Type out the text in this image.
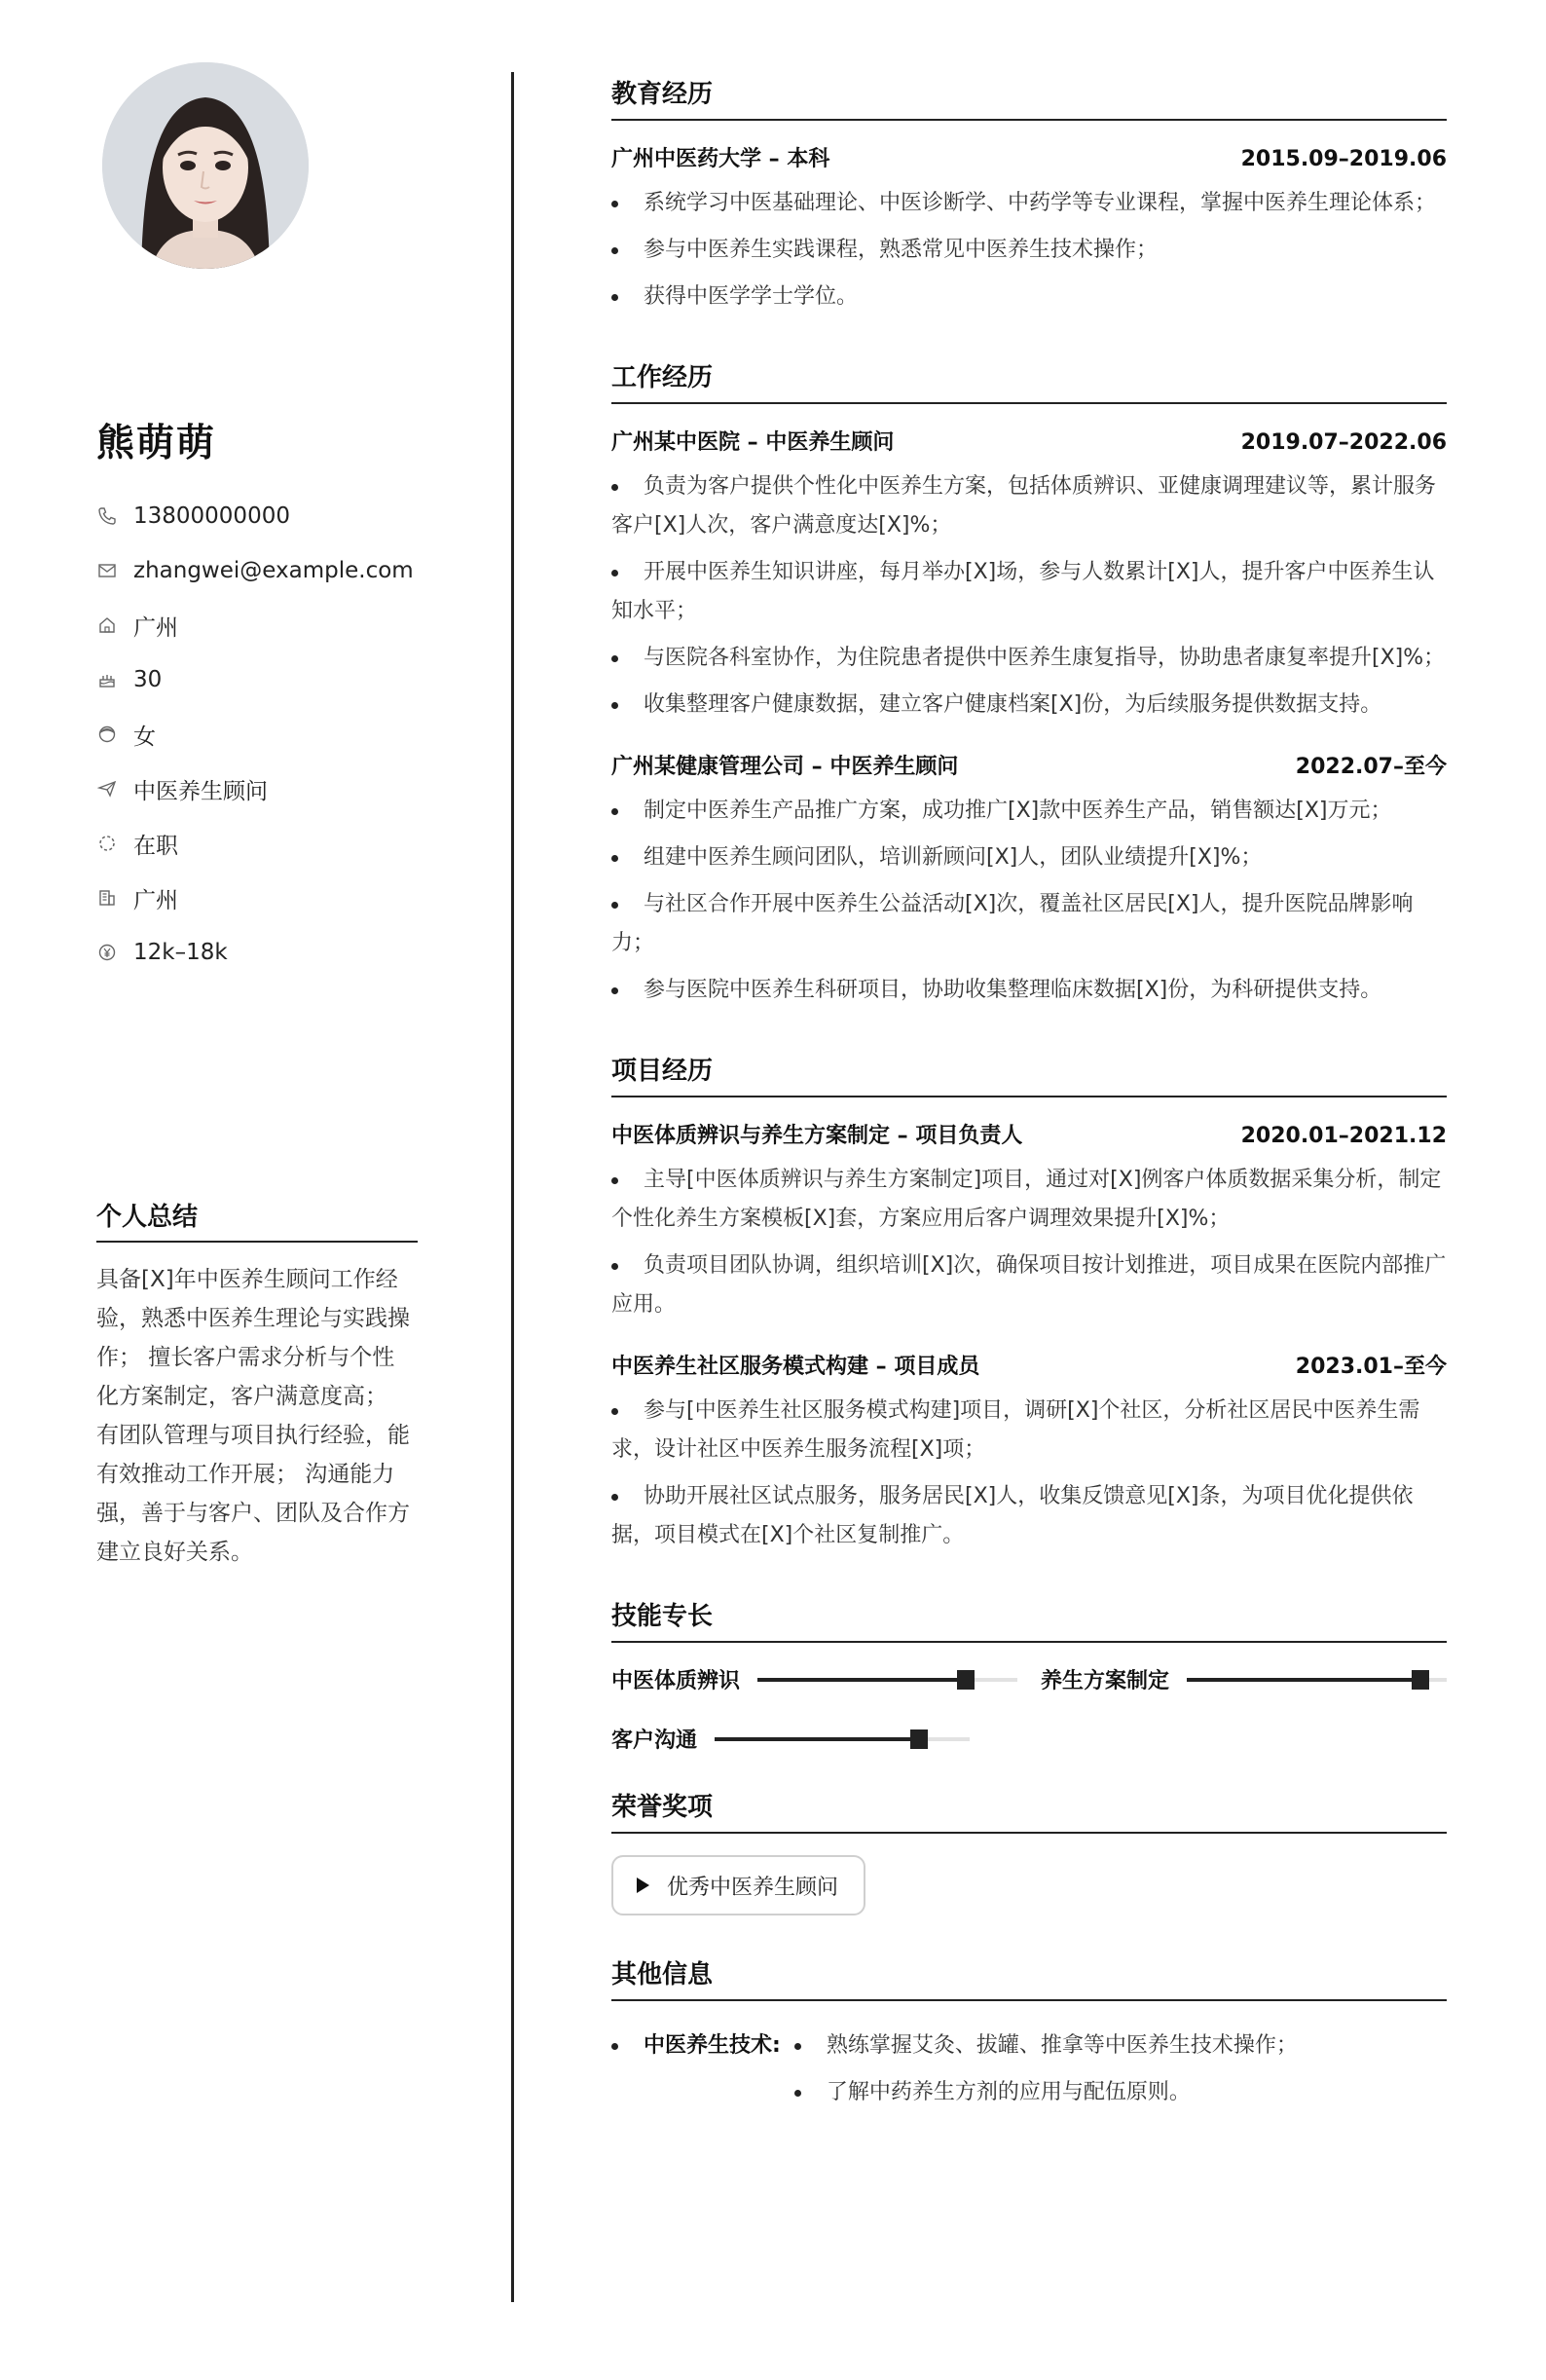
熊萌萌
13800000000
zhangwei@example.com
广州
30
女
中医养生顾问
在职
广州
12k–18k
个人总结
具备[X]年中医养生顾问工作经验，熟悉中医养生理论与实践操作； 擅长客户需求分析与个性化方案制定，客户满意度高； 有团队管理与项目执行经验，能有效推动工作开展； 沟通能力强，善于与客户、团队及合作方建立良好关系。
教育经历
广州中医药大学 – 本科	2015.09–2019.06
系统学习中医基础理论、中医诊断学、中药学等专业课程，掌握中医养生理论体系；
参与中医养生实践课程，熟悉常见中医养生技术操作；
获得中医学学士学位。
工作经历
广州某中医院 – 中医养生顾问	2019.07–2022.06
负责为客户提供个性化中医养生方案，包括体质辨识、亚健康调理建议等，累计服务客户[X]人次，客户满意度达[X]%；
开展中医养生知识讲座，每月举办[X]场，参与人数累计[X]人，提升客户中医养生认知水平；
与医院各科室协作，为住院患者提供中医养生康复指导，协助患者康复率提升[X]%；
收集整理客户健康数据，建立客户健康档案[X]份，为后续服务提供数据支持。
广州某健康管理公司 – 中医养生顾问	2022.07–至今
制定中医养生产品推广方案，成功推广[X]款中医养生产品，销售额达[X]万元；
组建中医养生顾问团队，培训新顾问[X]人，团队业绩提升[X]%；
与社区合作开展中医养生公益活动[X]次，覆盖社区居民[X]人，提升医院品牌影响力；
参与医院中医养生科研项目，协助收集整理临床数据[X]份，为科研提供支持。
项目经历
中医体质辨识与养生方案制定 – 项目负责人	2020.01–2021.12
主导[中医体质辨识与养生方案制定]项目，通过对[X]例客户体质数据采集分析，制定个性化养生方案模板[X]套，方案应用后客户调理效果提升[X]%；
负责项目团队协调，组织培训[X]次，确保项目按计划推进，项目成果在医院内部推广应用。
中医养生社区服务模式构建 – 项目成员	2023.01–至今
参与[中医养生社区服务模式构建]项目，调研[X]个社区，分析社区居民中医养生需求，设计社区中医养生服务流程[X]项；
协助开展社区试点服务，服务居民[X]人，收集反馈意见[X]条，为项目优化提供依据，项目模式在[X]个社区复制推广。
技能专长
中医体质辨识	养生方案制定
客户沟通
荣誉奖项
优秀中医养生顾问
其他信息
中医养生技术:	熟练掌握艾灸、拔罐、推拿等中医养生技术操作；
了解中药养生方剂的应用与配伍原则。
